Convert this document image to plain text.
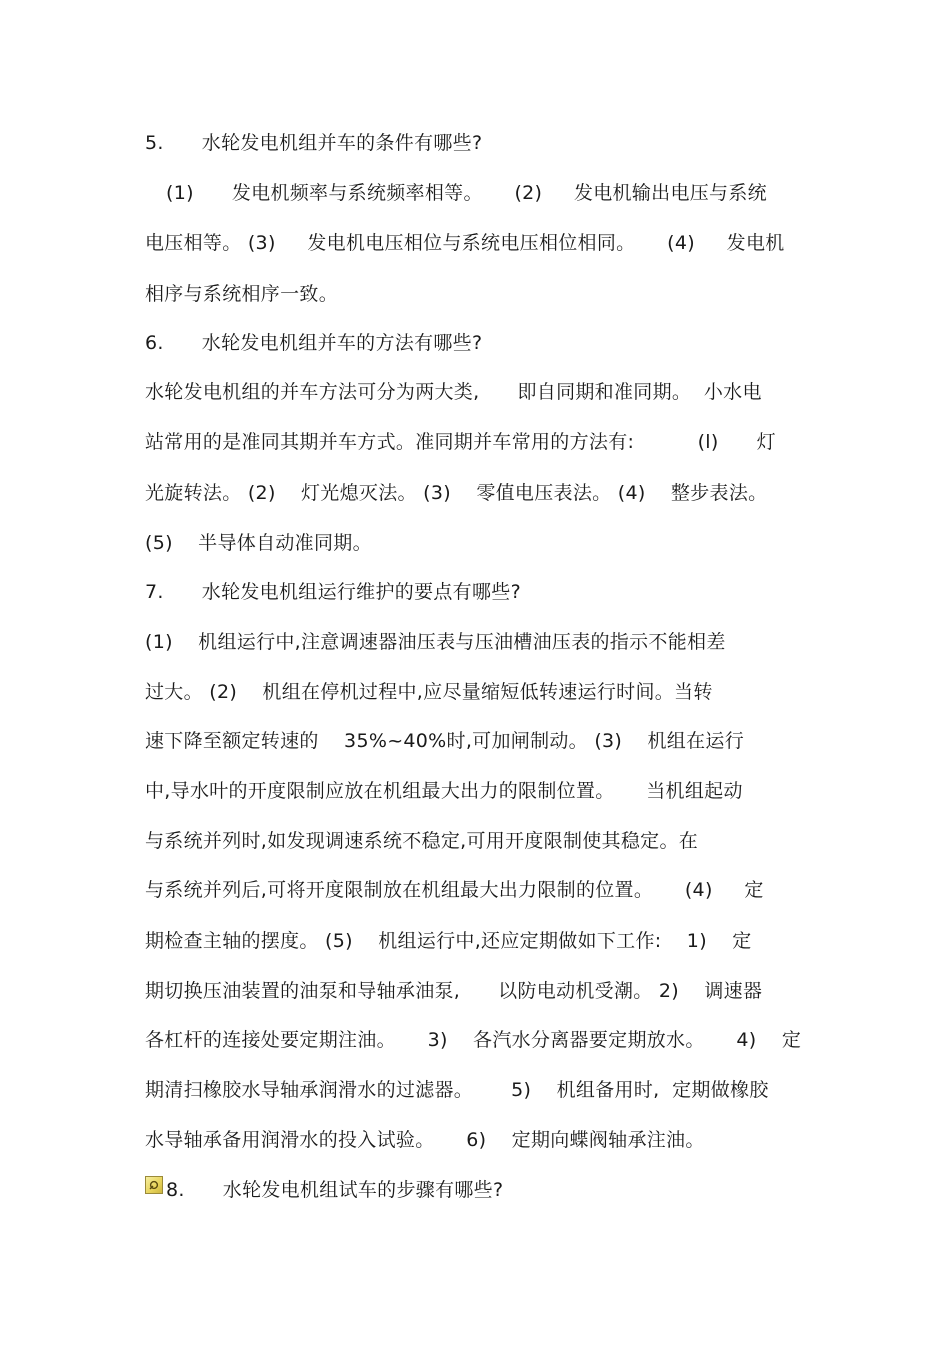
5.      水轮发电机组并车的条件有哪些?
(1)      发电机频率与系统频率相等。     (2)     发电机输出电压与系统
电压相等。 (3)     发电机电压相位与系统电压相位相同。     (4)     发电机
相序与系统相序一致。
6.      水轮发电机组并车的方法有哪些?
水轮发电机组的并车方法可分为两大类,      即自同期和准同期。  小水电
站常用的是准同其期并车方式。准同期并车常用的方法有:          (l)      灯
光旋转法。 (2)    灯光熄灭法。 (3)    零值电压表法。 (4)    整步表法。
(5)    半导体自动准同期。
7.      水轮发电机组运行维护的要点有哪些?
(1)    机组运行中,注意调速器油压表与压油槽油压表的指示不能相差
过大。 (2)    机组在停机过程中,应尽量缩短低转速运行时间。当转
速下降至额定转速的    35%~40%时,可加闸制动。 (3)    机组在运行
中,导水叶的开度限制应放在机组最大出力的限制位置。     当机组起动
与系统并列时,如发现调速系统不稳定,可用开度限制使其稳定。在
与系统并列后,可将开度限制放在机组最大出力限制的位置。     (4)     定
期检查主轴的摆度。 (5)    机组运行中,还应定期做如下工作:    1)    定
期切换压油装置的油泵和导轴承油泵,      以防电动机受潮。 2)    调速器
各杠杆的连接处要定期注油。     3)    各汽水分离器要定期放水。     4)    定
期清扫橡胶水导轴承润滑水的过滤器。      5)    机组备用时,  定期做橡胶
水导轴承备用润滑水的投入试验。     6)    定期向蝶阀轴承注油。
8.      水轮发电机组试车的步骤有哪些?
